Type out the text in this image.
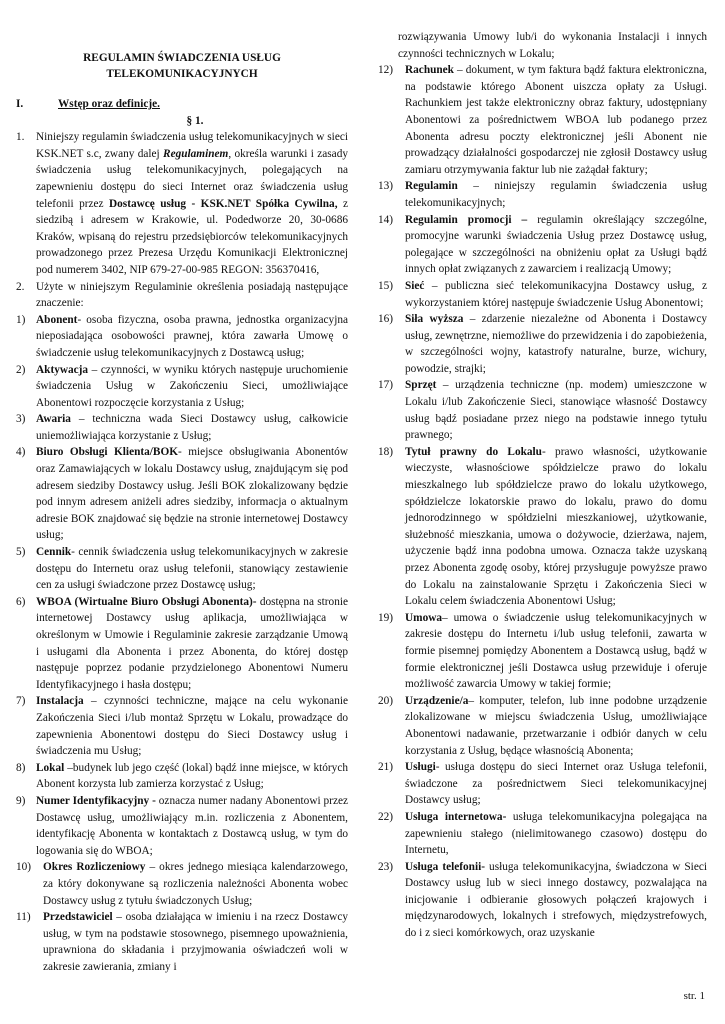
REGULAMIN ŚWIADCZENIA USŁUG

TELEKOMUNIKACYJNYCH

I.	Wstęp oraz definicje.

§ 1.

1.	Niniejszy regulamin świadczenia usług telekomunikacyjnych w sieci KSK.NET s.c, zwany dalej Regulaminem, określa warunki i zasady świadczenia usług telekomunikacyjnych, polegających na zapewnieniu dostępu do sieci Internet oraz świadczenia usług telefonii przez Dostawcę usług - KSK.NET Spółka Cywilna, z siedzibą i adresem w Krakowie, ul. Podedworze 20, 30-0686 Kraków, wpisaną do rejestru przedsiębiorców telekomunikacyjnych prowadzonego przez Prezesa Urzędu Komunikacji Elektronicznej pod numerem 3402, NIP 679-27-00-985 REGON: 356370416,
2.	Użyte w niniejszym Regulaminie określenia posiadają następujące znaczenie:
1) Abonent- osoba fizyczna, osoba prawna, jednostka organizacyjna nieposiadająca osobowości prawnej, która zawarła Umowę o świadczenie usług telekomunikacyjnych z Dostawcą usług;
2) Aktywacja – czynności, w wyniku których następuje uruchomienie świadczenia Usług w Zakończeniu Sieci, umożliwiające Abonentowi rozpoczęcie korzystania z Usług;
3) Awaria – techniczna wada Sieci Dostawcy usług, całkowicie uniemożliwiająca korzystanie z Usług;
4) Biuro Obsługi Klienta/BOK- miejsce obsługiwania Abonentów oraz Zamawiających w lokalu Dostawcy usług, znajdującym się pod adresem siedziby Dostawcy usług. Jeśli BOK zlokalizowany będzie pod innym adresem aniżeli adres siedziby, informacja o aktualnym adresie BOK znajdować się będzie na stronie internetowej Dostawcy usług;
5) Cennik- cennik świadczenia usług telekomunikacyjnych w zakresie dostępu do Internetu oraz usług telefonii, stanowiący zestawienie cen za usługi świadczone przez Dostawcę usług;
6) WBOA (Wirtualne Biuro Obsługi Abonenta)- dostępna na stronie internetowej Dostawcy usług aplikacja, umożliwiająca w określonym w Umowie i Regulaminie zakresie zarządzanie Umową i usługami dla Abonenta i przez Abonenta, do której dostęp następuje poprzez podanie przydzielonego Abonentowi Numeru Identyfikacyjnego i hasła dostępu;
7) Instalacja – czynności techniczne, mające na celu wykonanie Zakończenia Sieci i/lub montaż Sprzętu w Lokalu, prowadzące do zapewnienia Abonentowi dostępu do Sieci Dostawcy usług i świadczenia mu Usług;
8) Lokal –budynek lub jego część (lokal) bądź inne miejsce, w których Abonent korzysta lub zamierza korzystać z Usług;
9) Numer Identyfikacyjny - oznacza numer nadany Abonentowi przez Dostawcę usług, umożliwiający m.in. rozliczenia z Abonentem, identyfikację Abonenta w kontaktach z Dostawcą usług, w tym do logowania się do WBOA;
10)	Okres Rozliczeniowy – okres jednego miesiąca kalendarzowego, za który dokonywane są rozliczenia należności Abonenta wobec Dostawcy usług z tytułu świadczonych Usług;
11)	Przedstawiciel – osoba działająca w imieniu i na rzecz Dostawcy usług, w tym na podstawie stosownego, pisemnego upoważnienia, uprawniona do składania i przyjmowania oświadczeń woli w zakresie zawierania, zmiany i

rozwiązywania Umowy lub/i do wykonania Instalacji i innych czynności technicznych w Lokalu;

12)	Rachunek – dokument, w tym faktura bądź faktura elektroniczna, na podstawie którego Abonent uiszcza opłaty za Usługi. Rachunkiem jest także elektroniczny obraz faktury, udostępniany Abonentowi za pośrednictwem WBOA lub podanego przez Abonenta adresu poczty elektronicznej jeśli Abonent nie prowadzący działalności gospodarczej nie zgłosił Dostawcy usług zamiaru otrzymywania faktur lub nie zażądał faktury;
13)	Regulamin – niniejszy regulamin świadczenia usług telekomunikacyjnych;
14)	Regulamin promocji – regulamin określający szczególne, promocyjne warunki świadczenia Usług przez Dostawcę usług, polegające w szczególności na obniżeniu opłat za Usługi bądź innych opłat związanych z zawarciem i realizacją Umowy;
15)	Sieć – publiczna sieć telekomunikacyjna Dostawcy usług, z wykorzystaniem której następuje świadczenie Usług Abonentowi;
16)	Siła wyższa – zdarzenie niezależne od Abonenta i Dostawcy usług, zewnętrzne, niemożliwe do przewidzenia i do zapobieżenia, w szczególności wojny, katastrofy naturalne, burze, wichury, powodzie, strajki;
17)	Sprzęt – urządzenia techniczne (np. modem) umieszczone w Lokalu i/lub Zakończenie Sieci, stanowiące własność Dostawcy usług bądź posiadane przez niego na podstawie innego tytułu prawnego;
18)	Tytuł prawny do Lokalu- prawo własności, użytkowanie wieczyste, własnościowe spółdzielcze prawo do lokalu mieszkalnego lub spółdzielcze prawo do lokalu użytkowego, spółdzielcze lokatorskie prawo do lokalu, prawo do domu jednorodzinnego w spółdzielni mieszkaniowej, użytkowanie, służebność mieszkania, umowa o dożywocie, dzierżawa, najem, użyczenie bądź inna podobna umowa. Oznacza także uzyskaną przez Abonenta zgodę osoby, której przysługuje powyższe prawo do Lokalu na zainstalowanie Sprzętu i Zakończenia Sieci w Lokalu celem świadczenia Abonentowi Usług;
19)	Umowa– umowa o świadczenie usług telekomunikacyjnych w zakresie dostępu do Internetu i/lub usług telefonii, zawarta w formie pisemnej pomiędzy Abonentem a Dostawcą usług, bądź w formie elektronicznej jeśli Dostawca usług przewiduje i oferuje możliwość zawarcia Umowy w takiej formie;
20)	Urządzenie/a– komputer, telefon, lub inne podobne urządzenie zlokalizowane w miejscu świadczenia Usług, umożliwiające Abonentowi nadawanie, przetwarzanie i odbiór danych w celu korzystania z Usług, będące własnością Abonenta;
21)	Usługi- usługa dostępu do sieci Internet oraz Usługa telefonii, świadczone za pośrednictwem Sieci telekomunikacyjnej Dostawcy usług;
22)	Usługa internetowa- usługa telekomunikacyjna polegająca na zapewnieniu stałego (nielimitowanego czasowo) dostępu do Internetu,
23)	Usługa telefonii- usługa telekomunikacyjna, świadczona w Sieci Dostawcy usług lub w sieci innego dostawcy, pozwalająca na inicjowanie i odbieranie głosowych połączeń krajowych i międzynarodowych, lokalnych i strefowych, międzystrefowych, do i z sieci komórkowych, oraz uzyskanie
str. 1
